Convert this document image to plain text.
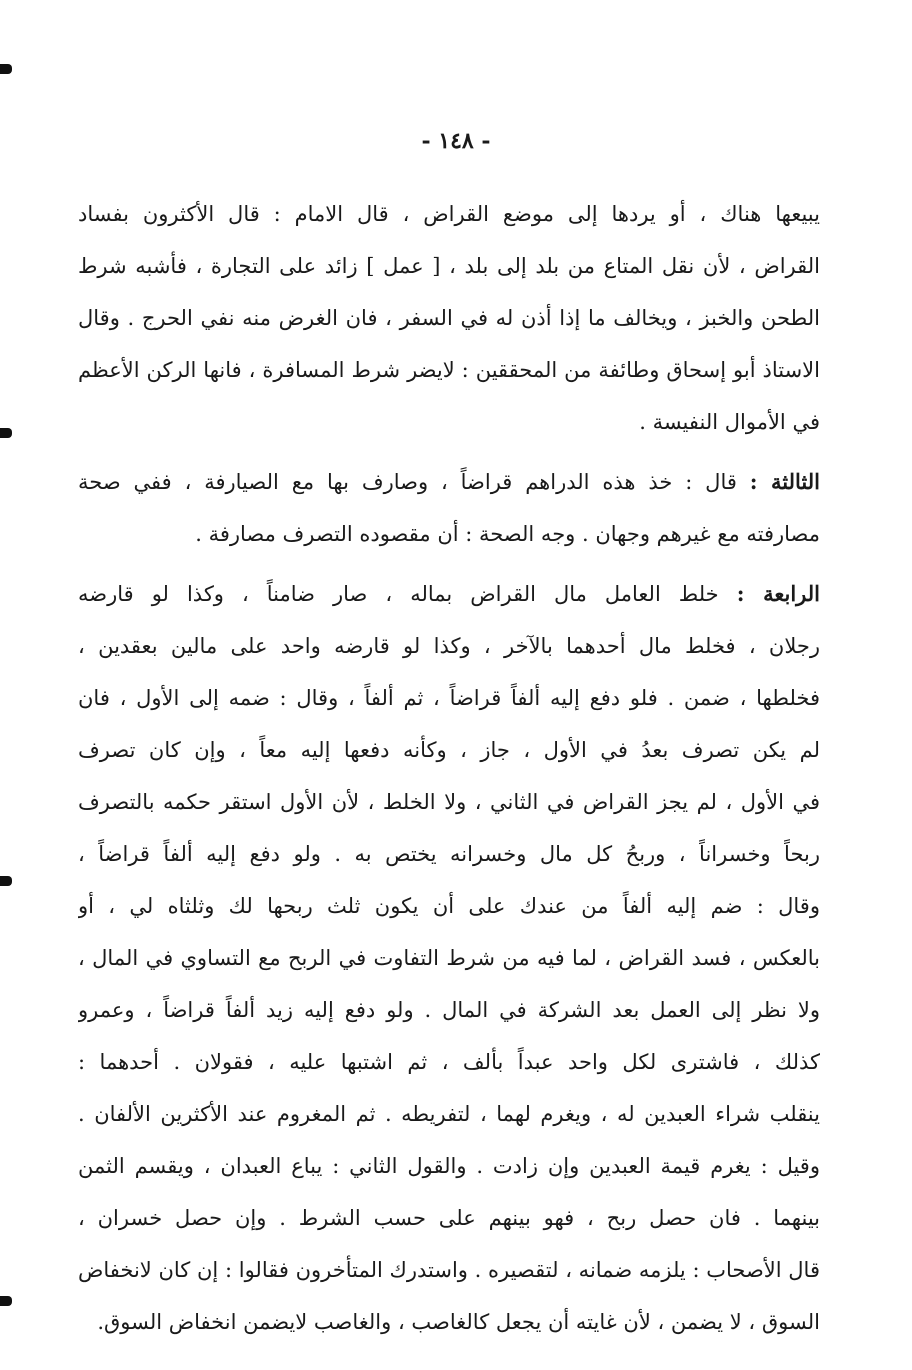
- ١٤٨ -
يبيعها هناك ، أو يردها إلى موضع القراض ، قال الامام : قال الأكثرون بفساد
القراض ، لأن نقل المتاع من بلد إلى بلد ، [ عمل ] زائد على التجارة ، فأشبه شرط
الطحن والخبز ، ويخالف ما إذا أذن له في السفر ، فان الغرض منه نفي الحرج . وقال
الاستاذ أبو إسحاق وطائفة من المحققين : لايضر شرط المسافرة ، فانها الركن الأعظم
في الأموال النفيسة .
الثالثة : قال : خذ هذه الدراهم قراضاً ، وصارف بها مع الصيارفة ، ففي صحة
مصارفته مع غيرهم وجهان . وجه الصحة : أن مقصوده التصرف مصارفة .
الرابعة : خلط العامل مال القراض بماله ، صار ضامناً ، وكذا لو قارضه
رجلان ، فخلط مال أحدهما بالآخر ، وكذا لو قارضه واحد على مالين بعقدين ،
فخلطها ، ضمن . فلو دفع إليه ألفاً قراضاً ، ثم ألفاً ، وقال : ضمه إلى الأول ، فان
لم يكن تصرف بعدُ في الأول ، جاز ، وكأنه دفعها إليه معاً ، وإن كان تصرف
في الأول ، لم يجز القراض في الثاني ، ولا الخلط ، لأن الأول استقر حكمه بالتصرف
ربحاً وخسراناً ، وربحُ كل مال وخسرانه يختص به . ولو دفع إليه ألفاً قراضاً ،
وقال : ضم إليه ألفاً من عندك على أن يكون ثلث ربحها لك وثلثاه لي ، أو
بالعكس ، فسد القراض ، لما فيه من شرط التفاوت في الربح مع التساوي في المال ،
ولا نظر إلى العمل بعد الشركة في المال . ولو دفع إليه زيد ألفاً قراضاً ، وعمرو
كذلك ، فاشترى لكل واحد عبداً بألف ، ثم اشتبها عليه ، فقولان . أحدهما :
ينقلب شراء العبدين له ، ويغرم لهما ، لتفريطه . ثم المغروم عند الأكثرين الألفان .
وقيل : يغرم قيمة العبدين وإن زادت . والقول الثاني : يباع العبدان ، ويقسم الثمن
بينهما . فان حصل ربح ، فهو بينهم على حسب الشرط . وإن حصل خسران ،
قال الأصحاب : يلزمه ضمانه ، لتقصيره . واستدرك المتأخرون فقالوا : إن كان لانخفاض
السوق ، لا يضمن ، لأن غايته أن يجعل كالغاصب ، والغاصب لايضمن انخفاض السوق.
